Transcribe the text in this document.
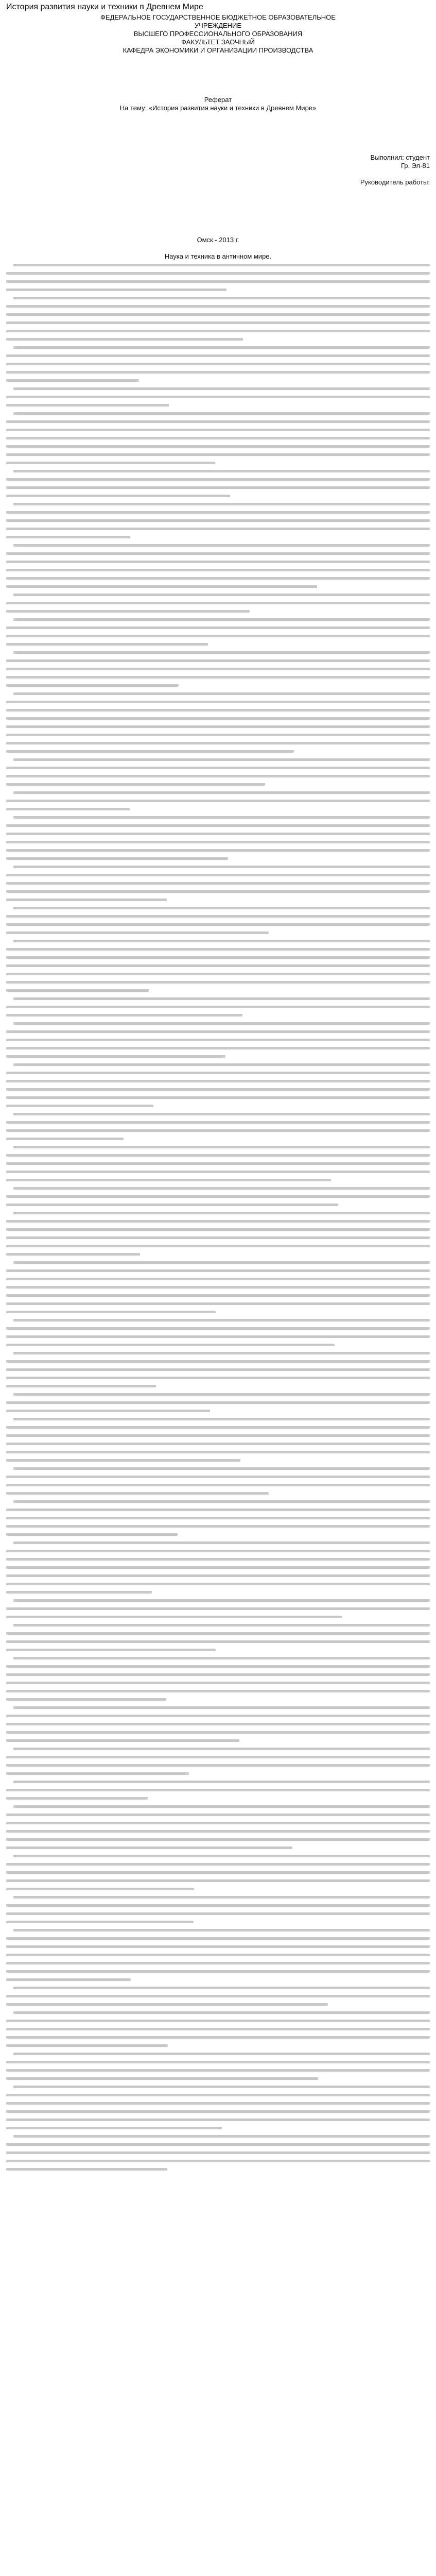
История развития науки и техники в Древнем Мире
ФЕДЕРАЛЬНОЕ ГОСУДАРСТВЕННОЕ БЮДЖЕТНОЕ ОБРАЗОВАТЕЛЬНОЕ
УЧРЕЖДЕНИЕ
ВЫСШЕГО ПРОФЕССИОНАЛЬНОГО ОБРАЗОВАНИЯ
ФАКУЛЬТЕТ ЗАОЧНЫЙ
КАФЕДРА ЭКОНОМИКИ И ОРГАНИЗАЦИИ ПРОИЗВОДСТВА
Реферат
На тему: «История развития науки и техники в Древнем Мире»
Выполнил: студент
Гр. Эл-81
Руководитель работы:
Омск - 2013 г.
Наука и техника в античном мире.
